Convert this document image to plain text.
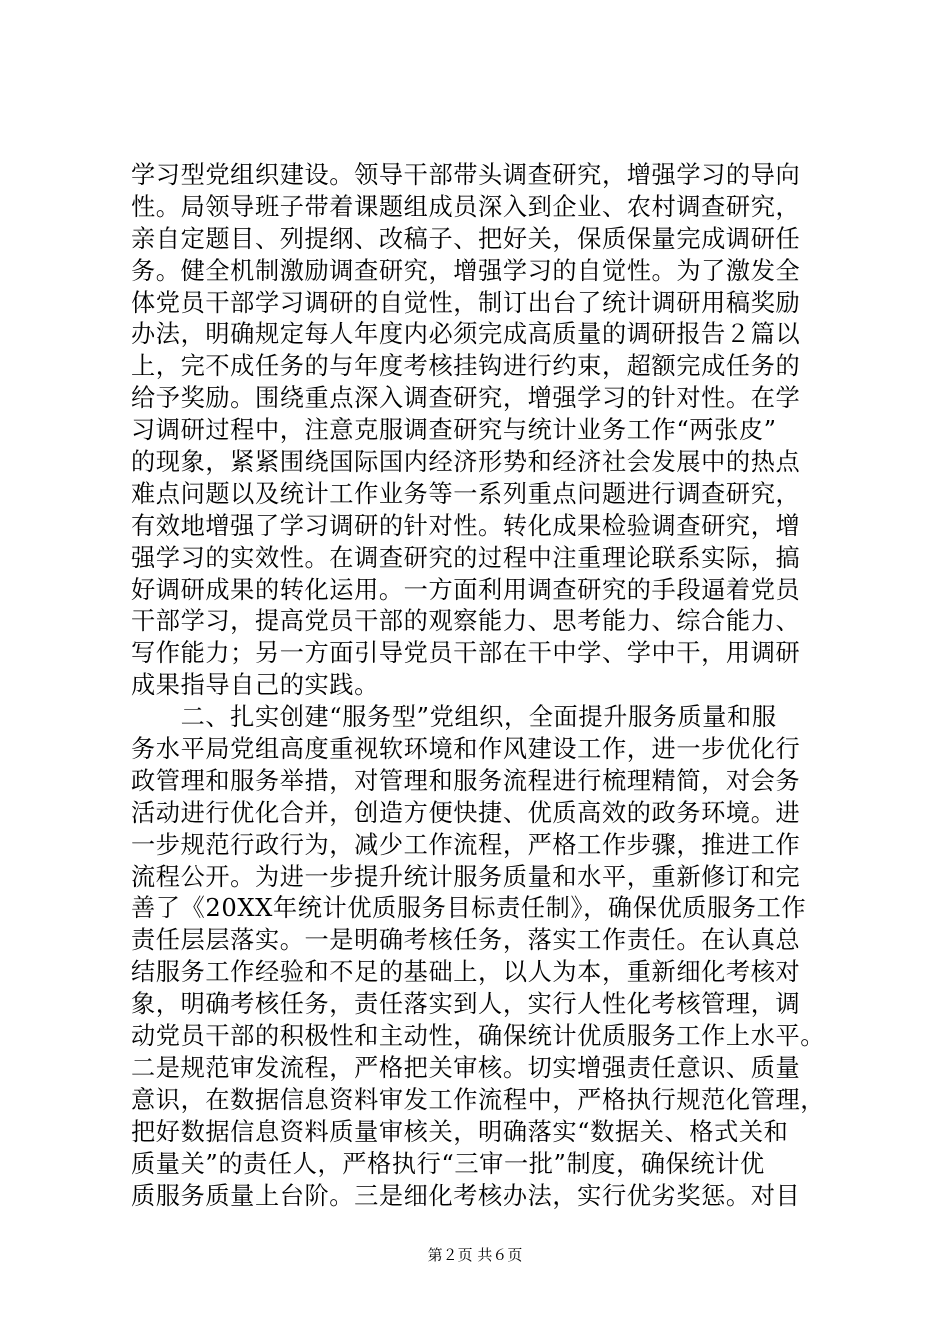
学习型党组织建设。领导干部带头调查研究，增强学习的导向
性。局领导班子带着课题组成员深入到企业、农村调查研究，
亲自定题目、列提纲、改稿子、把好关，保质保量完成调研任
务。健全机制激励调查研究，增强学习的自觉性。为了激发全
体党员干部学习调研的自觉性，制订出台了统计调研用稿奖励
办法，明确规定每人年度内必须完成高质量的调研报告２篇以
上，完不成任务的与年度考核挂钩进行约束，超额完成任务的
给予奖励。围绕重点深入调查研究，增强学习的针对性。在学
习调研过程中，注意克服调查研究与统计业务工作“两张皮”
的现象，紧紧围绕国际国内经济形势和经济社会发展中的热点
难点问题以及统计工作业务等一系列重点问题进行调查研究，
有效地增强了学习调研的针对性。转化成果检验调查研究，增
强学习的实效性。在调查研究的过程中注重理论联系实际，搞
好调研成果的转化运用。一方面利用调查研究的手段逼着党员
干部学习，提高党员干部的观察能力、思考能力、综合能力、
写作能力；另一方面引导党员干部在干中学、学中干，用调研
成果指导自己的实践。
　　二、扎实创建“服务型”党组织，全面提升服务质量和服
务水平局党组高度重视软环境和作风建设工作，进一步优化行
政管理和服务举措，对管理和服务流程进行梳理精简，对会务
活动进行优化合并，创造方便快捷、优质高效的政务环境。进
一步规范行政行为，减少工作流程，严格工作步骤，推进工作
流程公开。为进一步提升统计服务质量和水平，重新修订和完
善了《20XX年统计优质服务目标责任制》，确保优质服务工作
责任层层落实。一是明确考核任务，落实工作责任。在认真总
结服务工作经验和不足的基础上，以人为本，重新细化考核对
象，明确考核任务，责任落实到人，实行人性化考核管理，调
动党员干部的积极性和主动性，确保统计优质服务工作上水平。
二是规范审发流程，严格把关审核。切实增强责任意识、质量
意识，在数据信息资料审发工作流程中，严格执行规范化管理，
把好数据信息资料质量审核关，明确落实“数据关、格式关和
质量关”的责任人，严格执行“三审一批”制度，确保统计优
质服务质量上台阶。三是细化考核办法，实行优劣奖惩。对目
第２页 共６页
